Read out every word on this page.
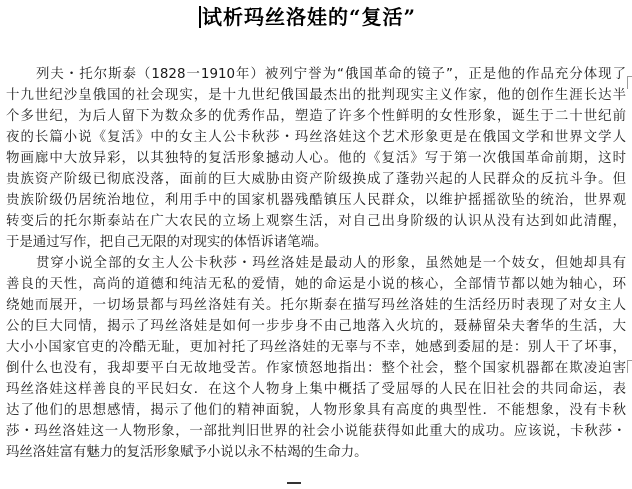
试析玛丝洛娃的“复活”
列夫・托尔斯泰（1828一1910年）被列宁誉为“俄国革命的镜子”，正是他的作品充分体现了
十九世纪沙皇俄国的社会现实，是十九世纪俄国最杰出的批判现实主义作家，他的创作生涯长达半
个多世纪，为后人留下为数众多的优秀作品，塑造了许多个性鲜明的女性形象，诞生于二十世纪前
夜的长篇小说《复活》中的女主人公卡秋莎・玛丝洛娃这个艺术形象更是在俄国文学和世界文学人
物画廊中大放异彩，以其独特的复活形象撼动人心。他的《复活》写于第一次俄国革命前期，这时
贵族资产阶级已彻底没落，面前的巨大威胁由资产阶级换成了蓬勃兴起的人民群众的反抗斗争。但
贵族阶级仍居统治地位，利用手中的国家机器残酷镇压人民群众，以维护摇摇欲坠的统治，世界观
转变后的托尔斯泰站在广大农民的立场上观察生活，对自己出身阶级的认识从没有达到如此清醒，
于是通过写作，把自己无限的对现实的体悟诉诸笔端。
贯穿小说全部的女主人公卡秋莎・玛丝洛娃是最动人的形象，虽然她是一个妓女，但她却具有
善良的天性，高尚的道德和纯洁无私的爱情，她的命运是小说的核心，全部情节都以她为轴心，环
绕她而展开，一切场景都与玛丝洛娃有关。托尔斯泰在描写玛丝洛娃的生活经历时表现了对女主人
公的巨大同情，揭示了玛丝洛娃是如何一步步身不由己地落入火坑的，聂赫留朵夫奢华的生活，大
大小小国家官吏的冷酷无耻，更加衬托了玛丝洛娃的无辜与不幸，她感到委屈的是：别人干了坏事，
倒什么也没有，我却要平白无故地受苦。作家愤怒地指出：整个社会，整个国家机器都在欺凌迫害
玛丝洛娃这样善良的平民妇女．在这个人物身上集中概括了受屈辱的人民在旧社会的共同命运，表
达了他们的思想感情，揭示了他们的精神面貌，人物形象具有高度的典型性．不能想象，没有卡秋
莎・玛丝洛娃这一人物形象，一部批判旧世界的社会小说能获得如此重大的成功。应该说，卡秋莎・
玛丝洛娃富有魅力的复活形象赋予小说以永不枯竭的生命力。
